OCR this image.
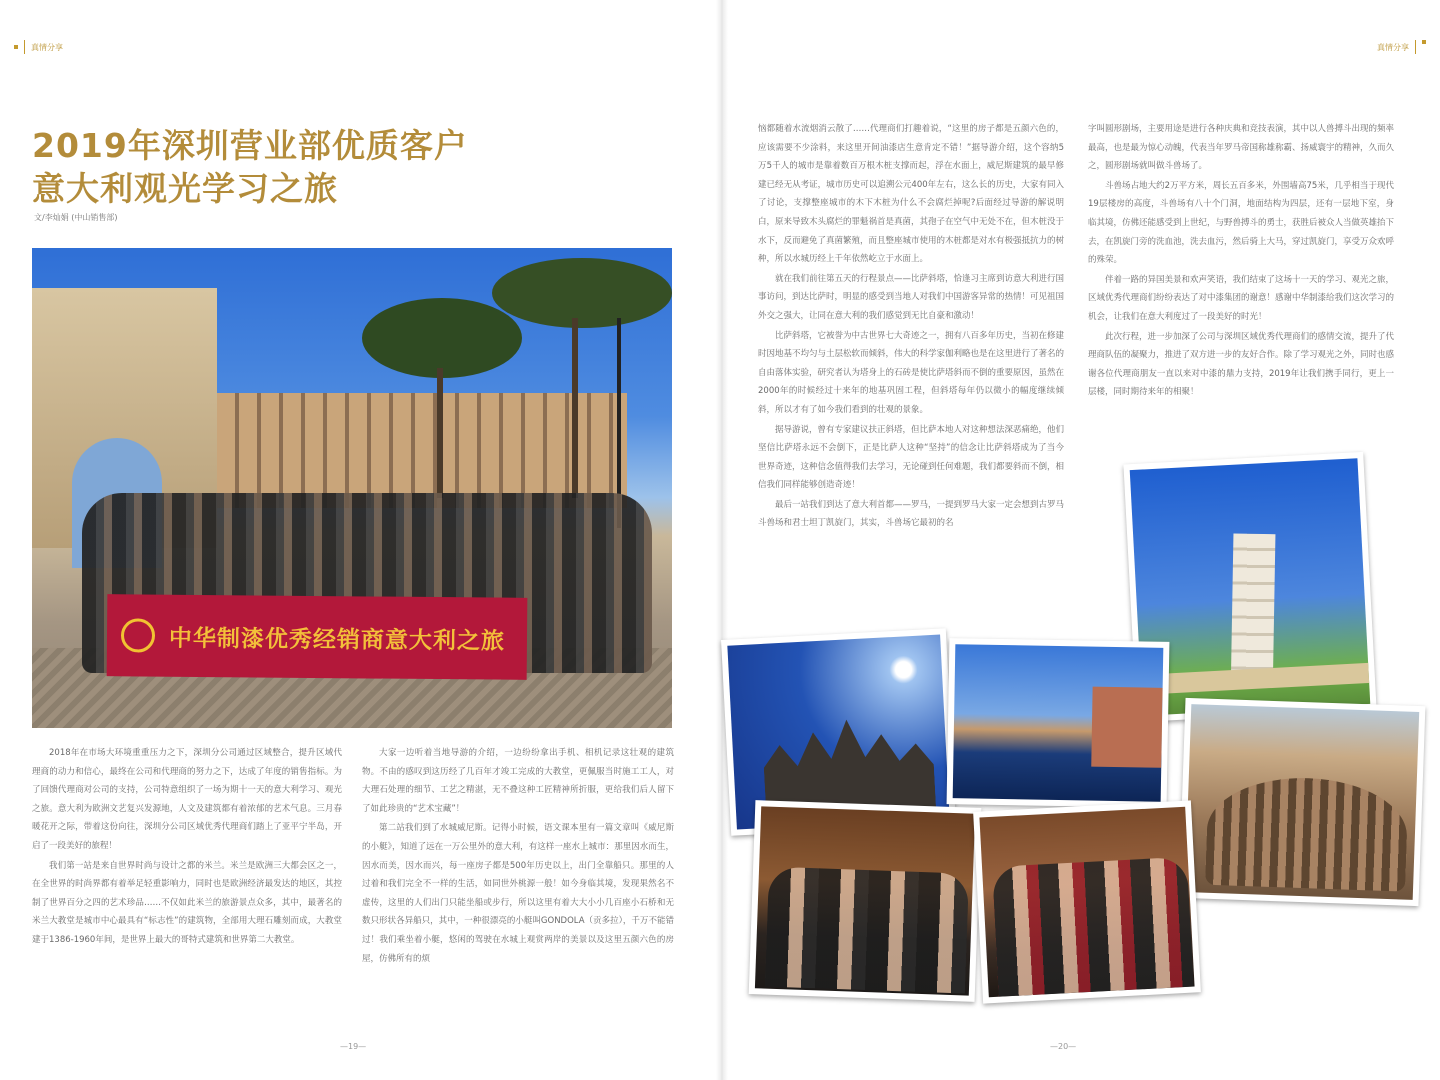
真情分享	真情分享
2019年深圳营业部优质客户
意大利观光学习之旅
文/李灿娟 (中山销售部)
中华制漆优秀经销商意大利之旅

2018年在市场大环境重重压力之下，深圳分公司通过区域整合，提升区域代理商的动力和信心，最终在公司和代理商的努力之下，达成了年度的销售指标。为了回馈代理商对公司的支持，公司特意组织了一场为期十一天的意大利学习、观光之旅。意大利为欧洲文艺复兴发源地，人文及建筑都有着浓郁的艺术气息。三月春暖花开之际，带着这份向往，深圳分公司区域优秀代理商们踏上了亚平宁半岛，开启了一段美好的旅程！

我们第一站是来自世界时尚与设计之都的米兰。米兰是欧洲三大都会区之一，在全世界的时尚界都有着举足轻重影响力，同时也是欧洲经济最发达的地区，其控制了世界百分之四的艺术珍品……不仅如此米兰的旅游景点众多，其中，最著名的米兰大教堂是城市中心最具有“标志性”的建筑物，全部用大理石雕刻而成，大教堂建于1386-1960年间，是世界上最大的哥特式建筑和世界第二大教堂。

大家一边听着当地导游的介绍，一边纷纷拿出手机、相机记录这壮观的建筑物。不由的感叹到这历经了几百年才竣工完成的大教堂，更佩服当时施工工人，对大理石处理的细节、工艺之精湛，无不叠这种工匠精神所折服，更给我们后人留下了如此珍贵的“艺术宝藏”！

第二站我们到了水城威尼斯。记得小时候，语文课本里有一篇文章叫《威尼斯的小艇》，知道了远在一万公里外的意大利，有这样一座水上城市：那里因水而生，因水而美，因水而兴，每一座房子都是500年历史以上，出门全靠船只。那里的人过着和我们完全不一样的生活，如同世外桃源一般！如今身临其境，发现果然名不虚传，这里的人们出门只能坐船或步行，所以这里有着大大小小几百座小石桥和无数只形状各异船只，其中，一种很漂亮的小艇叫GONDOLA（贡多拉），千万不能错过！我们乘坐着小艇，悠闲的驾驶在水城上观赏两岸的美景以及这里五颜六色的房屋，仿佛所有的烦

—19—

恼都随着水流烟消云散了……代理商们打趣着说，“这里的房子都是五颜六色的，应该需要不少涂料，来这里开间油漆店生意肯定不错！”据导游介绍，这个容纳5万5千人的城市是靠着数百万根木桩支撑而起，浮在水面上，威尼斯建筑的最早修建已经无从考证，城市历史可以追溯公元400年左右，这么长的历史，大家有同入了讨论，支撑整座城市的木下木桩为什么不会腐烂掉呢?后面经过导游的解说明白，原来导致木头腐烂的罪魁祸首是真菌，其孢子在空气中无处不在，但木桩没于水下，反而避免了真菌繁殖，而且整座城市使用的木桩都是对水有极强抵抗力的树种，所以水城历经上千年依然屹立于水面上。

就在我们前往第五天的行程景点——比萨斜塔，恰逢习主席到访意大利进行国事访问，到达比萨时，明显的感受到当地人对我们中国游客异常的热情！可见祖国外交之强大，让同在意大利的我们感觉到无比自豪和激动！

比萨斜塔，它被誉为中古世界七大奇迹之一，拥有八百多年历史，当初在修建时因地基不均匀与土层松软而倾斜，伟大的科学家伽利略也是在这里进行了著名的自由落体实验，研究者认为塔身上的石砖是使比萨塔斜而不倒的重要原因，虽然在2000年的时候经过十来年的地基巩固工程，但斜塔每年仍以微小的幅度继续倾斜，所以才有了如今我们看到的壮观的景象。

据导游说，曾有专家建议扶正斜塔，但比萨本地人对这种想法深恶痛绝，他们坚信比萨塔永远不会倒下，正是比萨人这种“坚持”的信念让比萨斜塔成为了当今世界奇迹，这种信念值得我们去学习，无论碰到任何难题，我们都要斜而不倒，相信我们同样能够创造奇迹！

最后一站我们到达了意大利首都——罗马，一提到罗马大家一定会想到古罗马斗兽场和君士坦丁凯旋门，其实，斗兽场它最初的名

字叫圆形剧场，主要用途是进行各种庆典和竞技表演，其中以人兽搏斗出现的频率最高，也是最为惊心动魄，代表当年罗马帝国称雄称霸、扬威寰宇的精神，久而久之，圆形剧场就叫做斗兽场了。

斗兽场占地大约2万平方米，周长五百多米，外围墙高75米，几乎相当于现代19层楼房的高度，斗兽场有八十个门洞，地面结构为四层，还有一层地下室，身临其境，仿佛还能感受到上世纪，与野兽搏斗的勇士，获胜后被众人当做英雄抬下去，在凯旋门旁的洗血池，洗去血污，然后骑上大马，穿过凯旋门，享受万众欢呼的殊荣。

伴着一路的异国美景和欢声笑语，我们结束了这场十一天的学习、观光之旅，区域优秀代理商们纷纷表达了对中漆集团的谢意！感谢中华制漆给我们这次学习的机会，让我们在意大利度过了一段美好的时光！

此次行程，进一步加深了公司与深圳区域优秀代理商们的感情交流，提升了代理商队伍的凝聚力，推进了双方进一步的友好合作。除了学习观光之外，同时也感谢各位代理商朋友一直以来对中漆的鼎力支持，2019年让我们携手同行，更上一层楼，同时期待来年的相聚！

—20—
